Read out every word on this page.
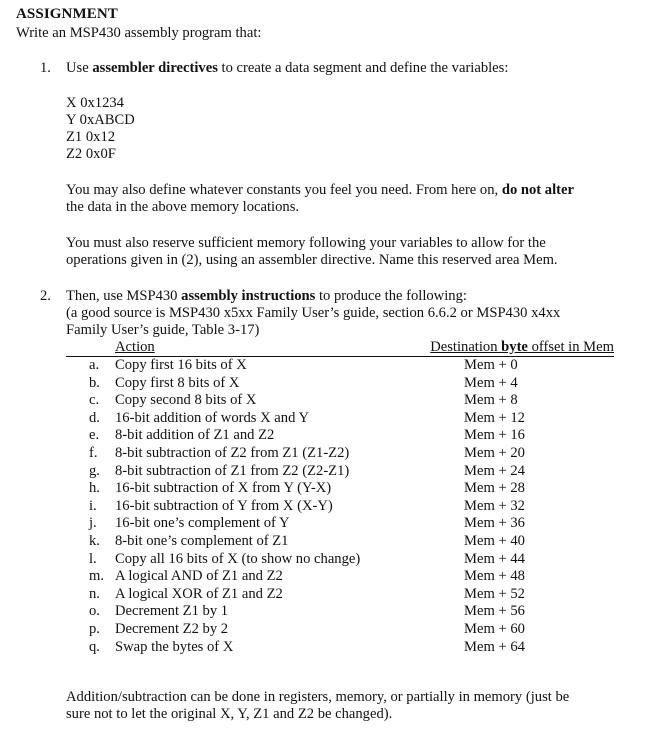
ASSIGNMENT
Write an MSP430 assembly program that:
1. Use assembler directives to create a data segment and define the variables:
X 0x1234
Y 0xABCD
Z1 0x12
Z2 0x0F
You may also define whatever constants you feel you need. From here on, do not alter
the data in the above memory locations.
You must also reserve sufficient memory following your variables to allow for the
operations given in (2), using an assembler directive. Name this reserved area Mem.
2. Then, use MSP430 assembly instructions to produce the following:
(a good source is MSP430 x5xx Family User’s guide, section 6.6.2 or MSP430 x4xx
Family User’s guide, Table 3-17)
Action	Destination byte offset in Mem
a.	Copy first 16 bits of X	Mem + 0
b.	Copy first 8 bits of X	Mem + 4
c.	Copy second 8 bits of X	Mem + 8
d.	16-bit addition of words X and Y	Mem + 12
e.	8-bit addition of Z1 and Z2	Mem + 16
f.	8-bit subtraction of Z2 from Z1 (Z1-Z2)	Mem + 20
g.	8-bit subtraction of Z1 from Z2 (Z2-Z1)	Mem + 24
h.	16-bit subtraction of X from Y (Y-X)	Mem + 28
i.	16-bit subtraction of Y from X (X-Y)	Mem + 32
j.	16-bit one’s complement of Y	Mem + 36
k.	8-bit one’s complement of Z1	Mem + 40
l.	Copy all 16 bits of X (to show no change)	Mem + 44
m. A logical AND of Z1 and Z2	Mem + 48
n.	A logical XOR of Z1 and Z2	Mem + 52
o.	Decrement Z1 by 1	Mem + 56
p.	Decrement Z2 by 2	Mem + 60
q.	Swap the bytes of X	Mem + 64
Addition/subtraction can be done in registers, memory, or partially in memory (just be
sure not to let the original X, Y, Z1 and Z2 be changed).
